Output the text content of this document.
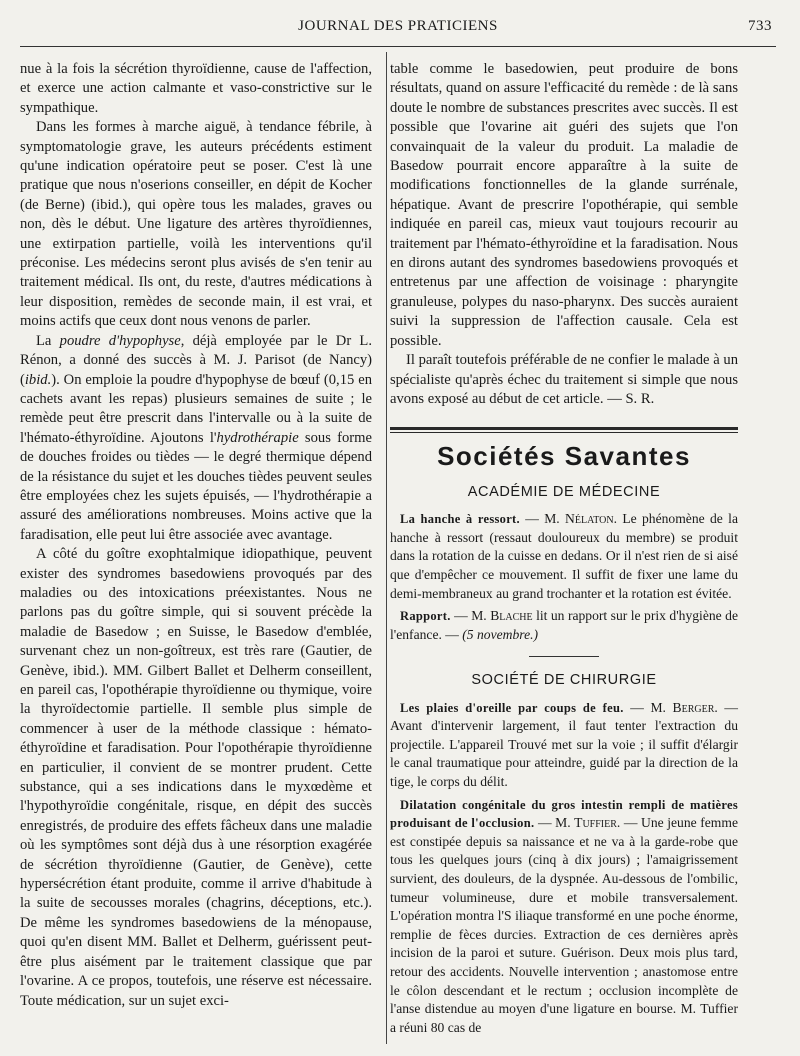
JOURNAL DES PRATICIENS	733

nue à la fois la sécrétion thyroïdienne, cause de l'affection, et exerce une action calmante et vaso-constrictive sur le sympathique.

Dans les formes à marche aiguë, à tendance fébrile, à symptomatologie grave, les auteurs précédents estiment qu'une indication opératoire peut se poser. C'est là une pratique que nous n'oserions conseiller, en dépit de Kocher (de Berne) (ibid.), qui opère tous les malades, graves ou non, dès le début. Une ligature des artères thyroïdiennes, une extirpation partielle, voilà les interventions qu'il préconise. Les médecins seront plus avisés de s'en tenir au traitement médical. Ils ont, du reste, d'autres médications à leur disposition, remèdes de seconde main, il est vrai, et moins actifs que ceux dont nous venons de parler.

La poudre d'hypophyse, déjà employée par le Dr L. Rénon, a donné des succès à M. J. Parisot (de Nancy) (ibid.). On emploie la poudre d'hypophyse de bœuf (0,15 en cachets avant les repas) plusieurs semaines de suite ; le remède peut être prescrit dans l'intervalle ou à la suite de l'hémato-éthyroïdine. Ajoutons l'hydrothérapie sous forme de douches froides ou tièdes — le degré thermique dépend de la résistance du sujet et les douches tièdes peuvent seules être employées chez les sujets épuisés, — l'hydrothérapie a assuré des améliorations nombreuses. Moins active que la faradisation, elle peut lui être associée avec avantage.

A côté du goître exophtalmique idiopathique, peuvent exister des syndromes basedowiens provoqués par des maladies ou des intoxications préexistantes. Nous ne parlons pas du goître simple, qui si souvent précède la maladie de Basedow ; en Suisse, le Basedow d'emblée, survenant chez un non-goîtreux, est très rare (Gautier, de Genève, ibid.). MM. Gilbert Ballet et Delherm conseillent, en pareil cas, l'opothérapie thyroïdienne ou thymique, voire la thyroïdectomie partielle. Il semble plus simple de commencer à user de la méthode classique : hémato-éthyroïdine et faradisation. Pour l'opothérapie thyroïdienne en particulier, il convient de se montrer prudent. Cette substance, qui a ses indications dans le myxœdème et l'hypothyroïdie congénitale, risque, en dépit des succès enregistrés, de produire des effets fâcheux dans une maladie où les symptômes sont déjà dus à une résorption exagérée de sécrétion thyroïdienne (Gautier, de Genève), cette hypersécrétion étant produite, comme il arrive d'habitude à la suite de secousses morales (chagrins, déceptions, etc.). De même les syndromes basedowiens de la ménopause, quoi qu'en disent MM. Ballet et Delherm, guérissent peut-être plus aisément par le traitement classique que par l'ovarine. A ce propos, toutefois, une réserve est nécessaire. Toute médication, sur un sujet exci-

table comme le basedowien, peut produire de bons résultats, quand on assure l'efficacité du remède : de là sans doute le nombre de substances prescrites avec succès. Il est possible que l'ovarine ait guéri des sujets que l'on convainquait de la valeur du produit. La maladie de Basedow pourrait encore apparaître à la suite de modifications fonctionnelles de la glande surrénale, hépatique. Avant de prescrire l'opothérapie, qui semble indiquée en pareil cas, mieux vaut toujours recourir au traitement par l'hémato-éthyroïdine et la faradisation. Nous en dirons autant des syndromes basedowiens provoqués et entretenus par une affection de voisinage : pharyngite granuleuse, polypes du naso-pharynx. Des succès auraient suivi la suppression de l'affection causale. Cela est possible.

Il paraît toutefois préférable de ne confier le malade à un spécialiste qu'après échec du traitement si simple que nous avons exposé au début de cet article. — S. R.

Sociétés Savantes
ACADÉMIE DE MÉDECINE

La hanche à ressort. — M. Nélaton. Le phénomène de la hanche à ressort (ressaut douloureux du membre) se produit dans la rotation de la cuisse en dedans. Or il n'est rien de si aisé que d'empêcher ce mouvement. Il suffit de fixer une lame du demi-membraneux au grand trochanter et la rotation est évitée.

Rapport. — M. Blache lit un rapport sur le prix d'hygiène de l'enfance. — (5 novembre.)

SOCIÉTÉ DE CHIRURGIE

Les plaies d'oreille par coups de feu. — M. Berger. — Avant d'intervenir largement, il faut tenter l'extraction du projectile. L'appareil Trouvé met sur la voie ; il suffit d'élargir le canal traumatique pour atteindre, guidé par la direction de la tige, le corps du délit.

Dilatation congénitale du gros intestin rempli de matières produisant de l'occlusion. — M. Tuffier. — Une jeune femme est constipée depuis sa naissance et ne va à la garde-robe que tous les quelques jours (cinq à dix jours) ; l'amaigrissement survient, des douleurs, de la dyspnée. Au-dessous de l'ombilic, tumeur volumineuse, dure et mobile transversalement. L'opération montra l'S iliaque transformé en une poche énorme, remplie de fèces durcies. Extraction de ces dernières après incision de la paroi et suture. Guérison. Deux mois plus tard, retour des accidents. Nouvelle intervention ; anastomose entre le côlon descendant et le rectum ; occlusion incomplète de l'anse distendue au moyen d'une ligature en bourse. M. Tuffier a réuni 80 cas de
